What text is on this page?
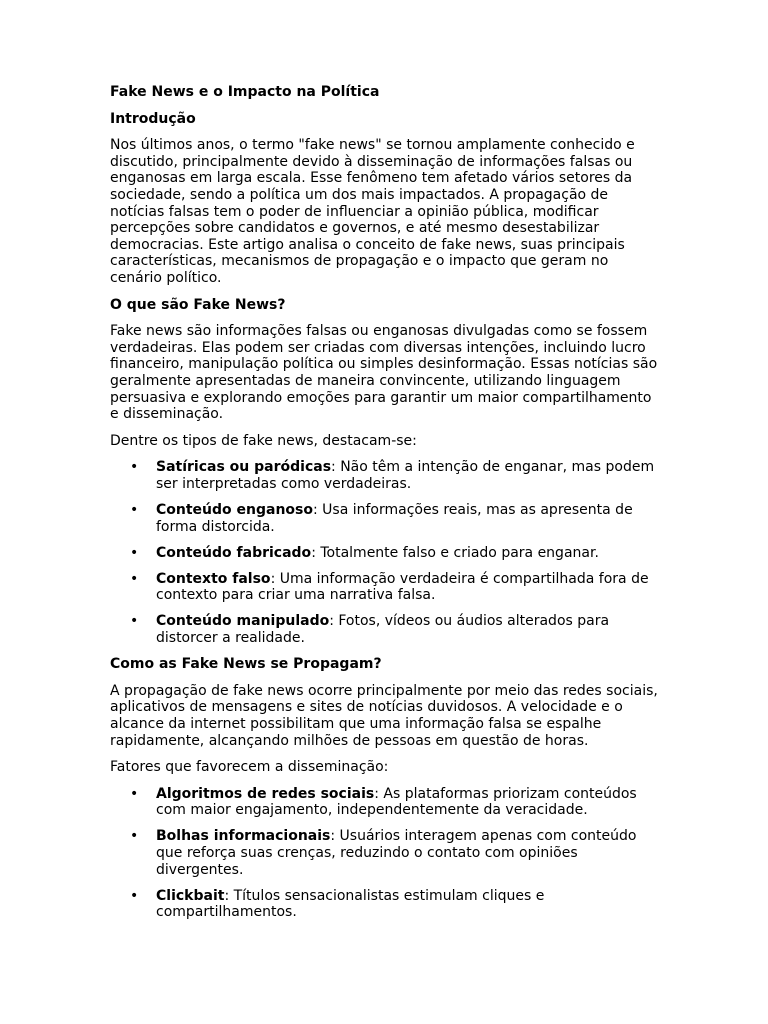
Fake News e o Impacto na Política
Introdução

Nos últimos anos, o termo "fake news" se tornou amplamente conhecido e discutido, principalmente devido à disseminação de informações falsas ou enganosas em larga escala. Esse fenômeno tem afetado vários setores da sociedade, sendo a política um dos mais impactados. A propagação de notícias falsas tem o poder de influenciar a opinião pública, modificar percepções sobre candidatos e governos, e até mesmo desestabilizar democracias. Este artigo analisa o conceito de fake news, suas principais características, mecanismos de propagação e o impacto que geram no cenário político.

O que são Fake News?

Fake news são informações falsas ou enganosas divulgadas como se fossem verdadeiras. Elas podem ser criadas com diversas intenções, incluindo lucro financeiro, manipulação política ou simples desinformação. Essas notícias são geralmente apresentadas de maneira convincente, utilizando linguagem persuasiva e explorando emoções para garantir um maior compartilhamento e disseminação.

Dentre os tipos de fake news, destacam-se:

• Satíricas ou paródicas: Não têm a intenção de enganar, mas podem ser interpretadas como verdadeiras.
• Conteúdo enganoso: Usa informações reais, mas as apresenta de forma distorcida.
• Conteúdo fabricado: Totalmente falso e criado para enganar.
• Contexto falso: Uma informação verdadeira é compartilhada fora de contexto para criar uma narrativa falsa.
• Conteúdo manipulado: Fotos, vídeos ou áudios alterados para distorcer a realidade.
Como as Fake News se Propagam?

A propagação de fake news ocorre principalmente por meio das redes sociais, aplicativos de mensagens e sites de notícias duvidosos. A velocidade e o alcance da internet possibilitam que uma informação falsa se espalhe rapidamente, alcançando milhões de pessoas em questão de horas.

Fatores que favorecem a disseminação:

• Algoritmos de redes sociais: As plataformas priorizam conteúdos com maior engajamento, independentemente da veracidade.
• Bolhas informacionais: Usuários interagem apenas com conteúdo que reforça suas crenças, reduzindo o contato com opiniões divergentes.
• Clickbait: Títulos sensacionalistas estimulam cliques e compartilhamentos.
